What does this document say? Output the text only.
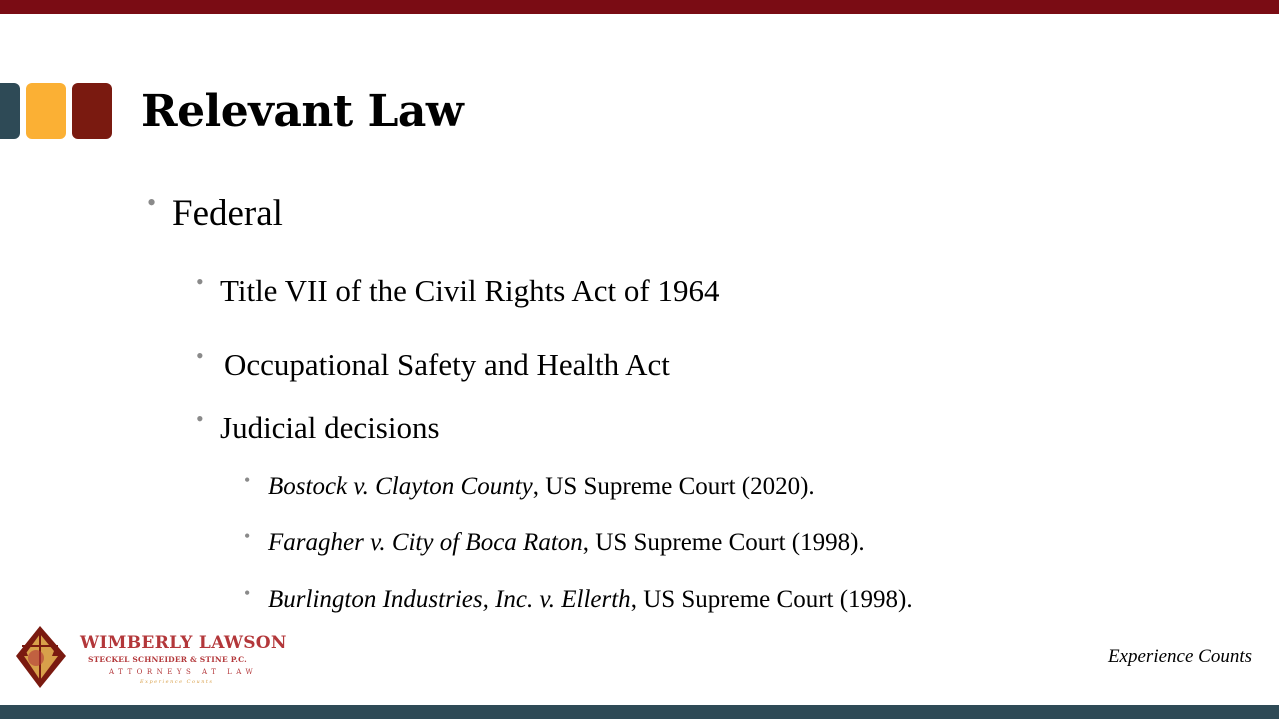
Relevant Law
• Federal
• Title VII of the Civil Rights Act of 1964
• Occupational Safety and Health Act
• Judicial decisions
• Bostock v. Clayton County, US Supreme Court (2020).
• Faragher v. City of Boca Raton, US Supreme Court (1998).
• Burlington Industries, Inc. v. Ellerth, US Supreme Court (1998).
WIMBERLY LAWSON
STECKEL SCHNEIDER & STINE P.C.
ATTORNEYS AT LAW
Experience Counts
Experience Counts
